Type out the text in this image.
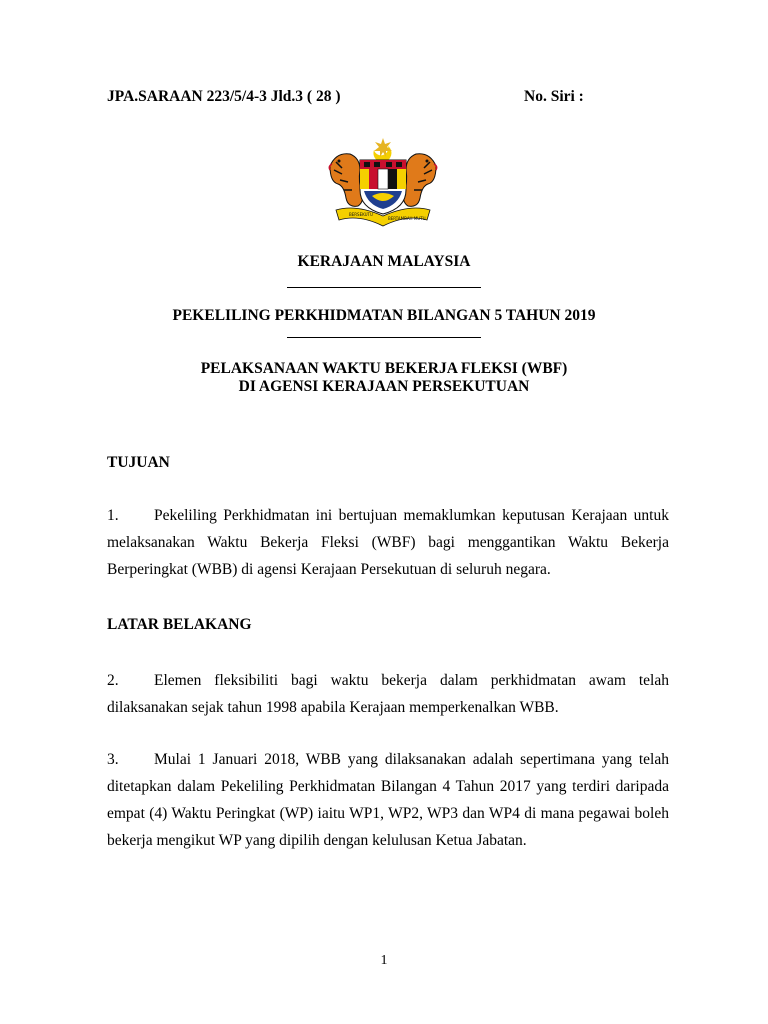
JPA.SARAAN 223/5/4-3 Jld.3 ( 28 )	No. Siri :
BERSEKUTU
BERTAMBAH MUTU
KERAJAAN MALAYSIA
PEKELILING PERKHIDMATAN BILANGAN 5 TAHUN 2019
PELAKSANAAN WAKTU BEKERJA FLEKSI (WBF)
DI AGENSI KERAJAAN PERSEKUTUAN
TUJUAN
1. Pekeliling Perkhidmatan ini bertujuan memaklumkan keputusan Kerajaan untuk melaksanakan Waktu Bekerja Fleksi (WBF) bagi menggantikan Waktu Bekerja Berperingkat (WBB) di agensi Kerajaan Persekutuan di seluruh negara.
LATAR BELAKANG
2. Elemen fleksibiliti bagi waktu bekerja dalam perkhidmatan awam telah dilaksanakan sejak tahun 1998 apabila Kerajaan memperkenalkan WBB.
3. Mulai 1 Januari 2018, WBB yang dilaksanakan adalah sepertimana yang telah ditetapkan dalam Pekeliling Perkhidmatan Bilangan 4 Tahun 2017 yang terdiri daripada empat (4) Waktu Peringkat (WP) iaitu WP1, WP2, WP3 dan WP4 di mana pegawai boleh bekerja mengikut WP yang dipilih dengan kelulusan Ketua Jabatan.
1
